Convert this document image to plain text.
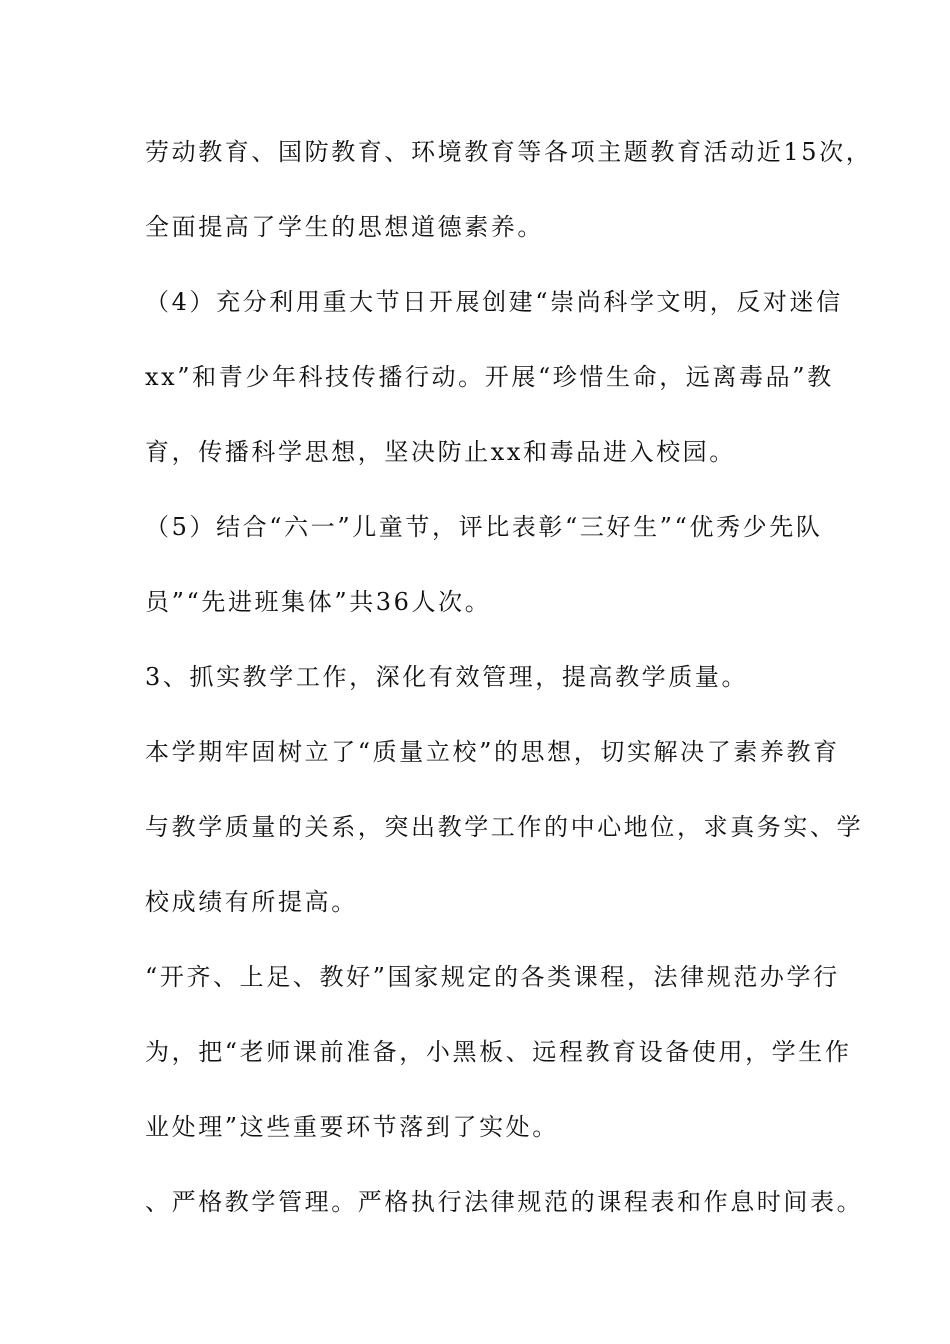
劳动教育、国防教育、环境教育等各项主题教育活动近15次，
全面提高了学生的思想道德素养。
（4）充分利用重大节日开展创建“崇尚科学文明，反对迷信
xx”和青少年科技传播行动。开展“珍惜生命，远离毒品”教
育，传播科学思想，坚决防止xx和毒品进入校园。
（5）结合“六一”儿童节，评比表彰“三好生”“优秀少先队
员”“先进班集体”共36人次。
3、抓实教学工作，深化有效管理，提高教学质量。
本学期牢固树立了“质量立校”的思想，切实解决了素养教育
与教学质量的关系，突出教学工作的中心地位，求真务实、学
校成绩有所提高。
“开齐、上足、教好”国家规定的各类课程，法律规范办学行
为，把“老师课前准备，小黑板、远程教育设备使用，学生作
业处理”这些重要环节落到了实处。
、严格教学管理。严格执行法律规范的课程表和作息时间表。
